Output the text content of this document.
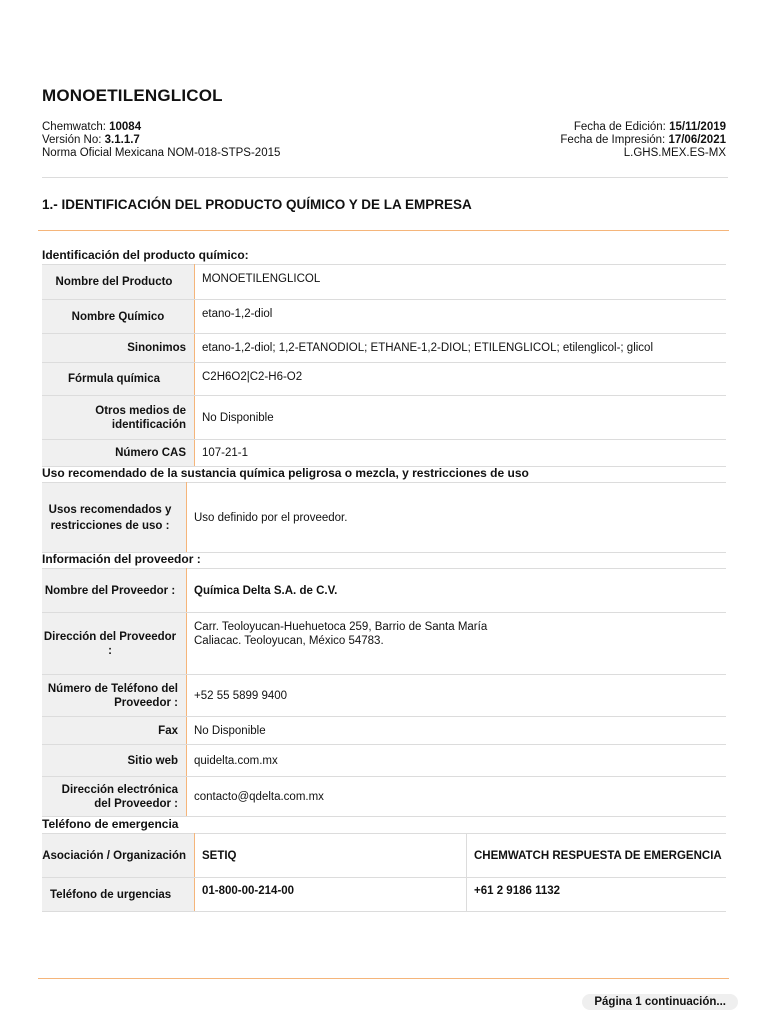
MONOETILENGLICOL
Chemwatch: 10084
Versión No: 3.1.1.7
Norma Oficial Mexicana NOM-018-STPS-2015
Fecha de Edición: 15/11/2019
Fecha de Impresión: 17/06/2021
L.GHS.MEX.ES-MX
1.- IDENTIFICACIÓN DEL PRODUCTO QUÍMICO Y DE LA EMPRESA
Identificación del producto químico:
Nombre del Producto	MONOETILENGLICOL
Nombre Químico	etano-1,2-diol
Sinonimos	etano-1,2-diol; 1,2-ETANODIOL; ETHANE-1,2-DIOL; ETILENGLICOL; etilenglicol-; glicol
Fórmula química	C2H6O2|C2-H6-O2
Otros medios de identificación	No Disponible
Número CAS	107-21-1
Uso recomendado de la sustancia química peligrosa o mezcla, y restricciones de uso
Usos recomendados y restricciones de uso :	Uso definido por el proveedor.
Información del proveedor :
Nombre del Proveedor :	Química Delta S.A. de C.V.
Dirección del Proveedor :	Carr. Teoloyucan-Huehuetoca 259, Barrio de Santa María
Caliacac. Teoloyucan, México 54783.

Número de Teléfono del Proveedor :	+52 55 5899 9400
Fax	No Disponible
Sitio web	quidelta.com.mx
Dirección electrónica del Proveedor :	contacto@qdelta.com.mx
Teléfono de emergencia
Asociación / Organización	SETIQ	CHEMWATCH RESPUESTA DE EMERGENCIA
Teléfono de urgencias	01-800-00-214-00	+61 2 9186 1132
Página 1 continuación...
